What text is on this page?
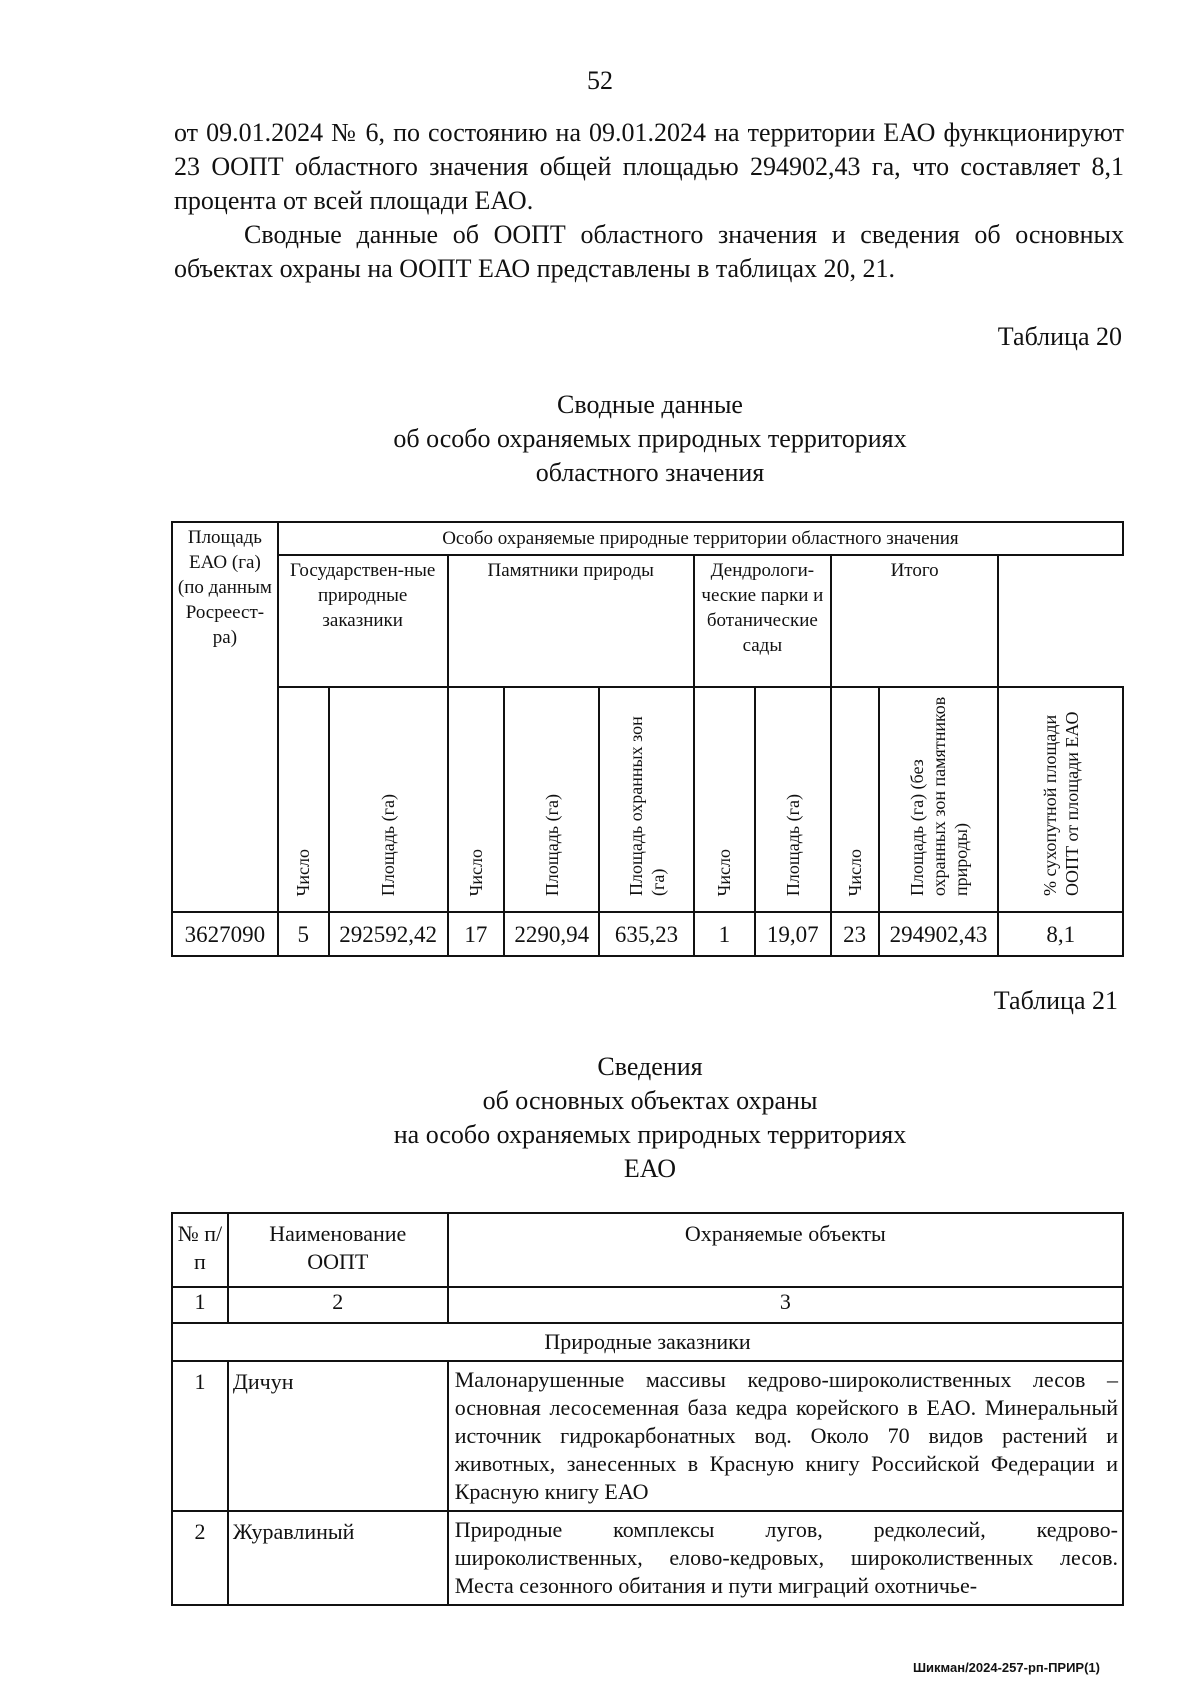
52
от 09.01.2024 № 6, по состоянию на 09.01.2024 на территории ЕАО функционируют 23 ООПТ областного значения общей площадью 294902,43 га, что составляет 8,1 процента от всей площади ЕАО.
Сводные данные об ООПТ областного значения и сведения об основных объектах охраны на ООПТ ЕАО представлены в таблицах 20, 21.
Таблица 20
Сводные данные
об особо охраняемых природных территориях
областного значения
Площадь ЕАО (га) (по данным Росреест-ра)	Особо охраняемые природные территории областного значения									
	Государствен-ные природные заказники		Памятники природы			Дендрологи-ческие парки и ботанические сады		Итого		
	Число	Площадь (га)	Число	Площадь (га)	Площадь охранных зон (га)	Число	Площадь (га)	Число	Площадь (га) (без охранных зон памятников природы)	% сухопутной площади ООПТ от площади ЕАО
3627090	5	292592,42	17	2290,94	635,23	1	19,07	23	294902,43	8,1
Таблица 21
Сведения
об основных объектах охраны
на особо охраняемых природных территориях
ЕАО
№ п/п	Наименование ООПТ	Охраняемые объекты
1	2	3
Природные заказники		
1	Дичун	Малонарушенные массивы кедрово-широколиственных лесов – основная лесосеменная база кедра корейского в ЕАО. Минеральный источник гидрокарбонатных вод. Около 70 видов растений и животных, занесенных в Красную книгу Российской Федерации и Красную книгу ЕАО
2	Журавлиный	Природные комплексы лугов, редколесий, кедрово-широколиственных, елово-кедровых, широколиственных лесов. Места сезонного обитания и пути миграций охотничье-
Шикман/2024-257-рп-ПРИР(1)
